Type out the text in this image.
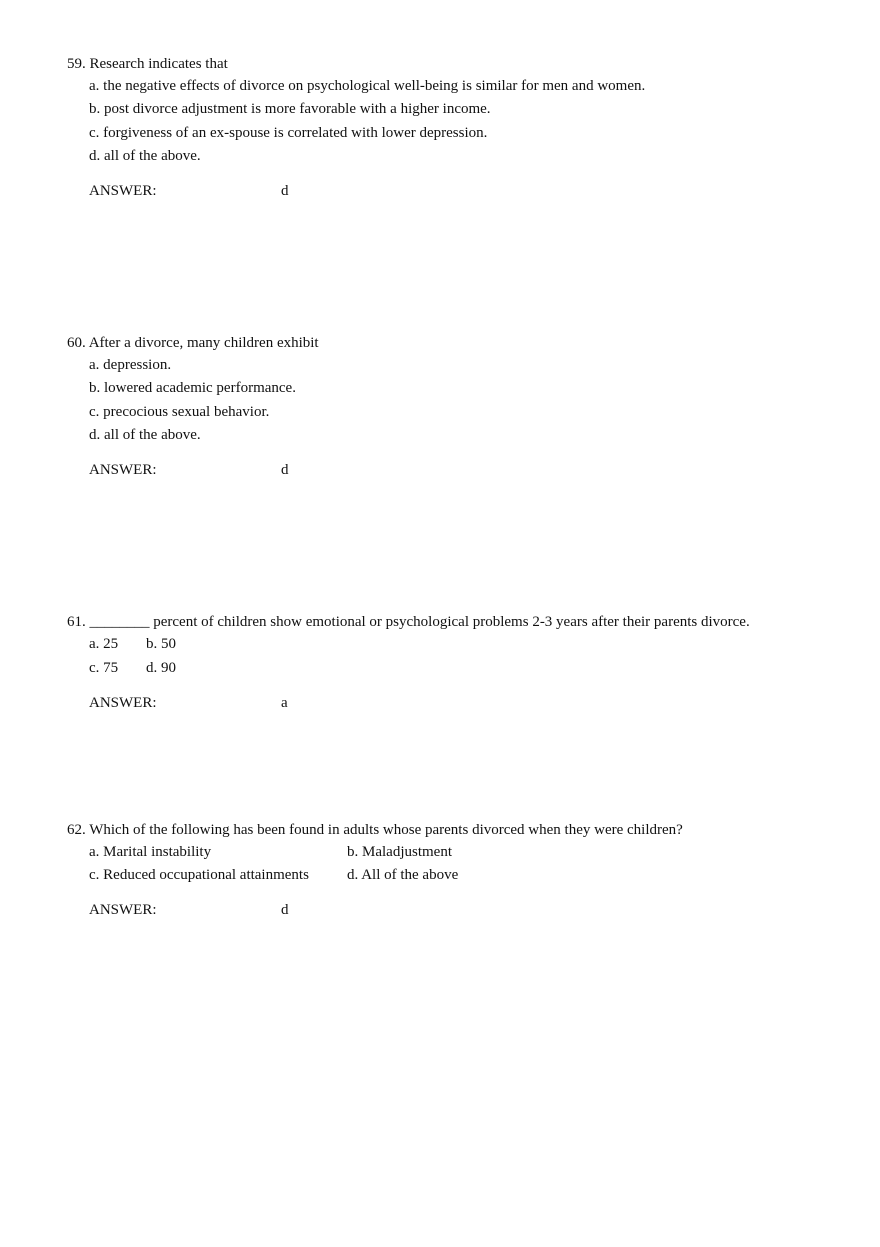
59. Research indicates that
a. the negative effects of divorce on psychological well-being is similar for men and women.
b. post divorce adjustment is more favorable with a higher income.
c. forgiveness of an ex-spouse is correlated with lower depression.
d. all of the above.
ANSWER:	d
60. After a divorce, many children exhibit
a. depression.
b. lowered academic performance.
c. precocious sexual behavior.
d. all of the above.
ANSWER:	d
61. ________ percent of children show emotional or psychological problems 2-3 years after their parents divorce.
a. 25 b. 50
c. 75 d. 90
ANSWER:	a
62. Which of the following has been found in adults whose parents divorced when they were children?
a. Marital instability	b. Maladjustment
c. Reduced occupational attainments	d. All of the above
ANSWER:	d
